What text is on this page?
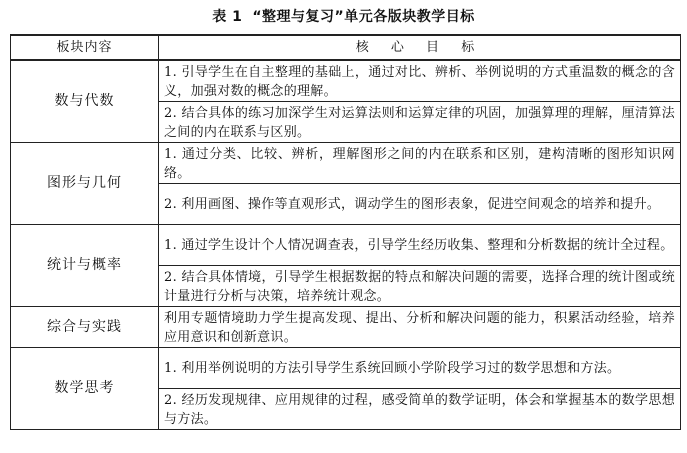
表 1 “整理与复习”单元各版块教学目标
板块内容	核 心 目 标
数与代数	1. 引导学生在自主整理的基础上，通过对比、辨析、举例说明的方式重温数的概念的含义，加强对数的概念的理解。
	2. 结合具体的练习加深学生对运算法则和运算定律的巩固，加强算理的理解，厘清算法之间的内在联系与区别。
图形与几何	1. 通过分类、比较、辨析，理解图形之间的内在联系和区别，建构清晰的图形知识网络。
	2. 利用画图、操作等直观形式，调动学生的图形表象，促进空间观念的培养和提升。
统计与概率	1. 通过学生设计个人情况调查表，引导学生经历收集、整理和分析数据的统计全过程。
	2. 结合具体情境，引导学生根据数据的特点和解决问题的需要，选择合理的统计图或统计量进行分析与决策，培养统计观念。
综合与实践	利用专题情境助力学生提高发现、提出、分析和解决问题的能力，积累活动经验，培养应用意识和创新意识。
数学思考	1. 利用举例说明的方法引导学生系统回顾小学阶段学习过的数学思想和方法。
	2. 经历发现规律、应用规律的过程，感受简单的数学证明，体会和掌握基本的数学思想与方法。
